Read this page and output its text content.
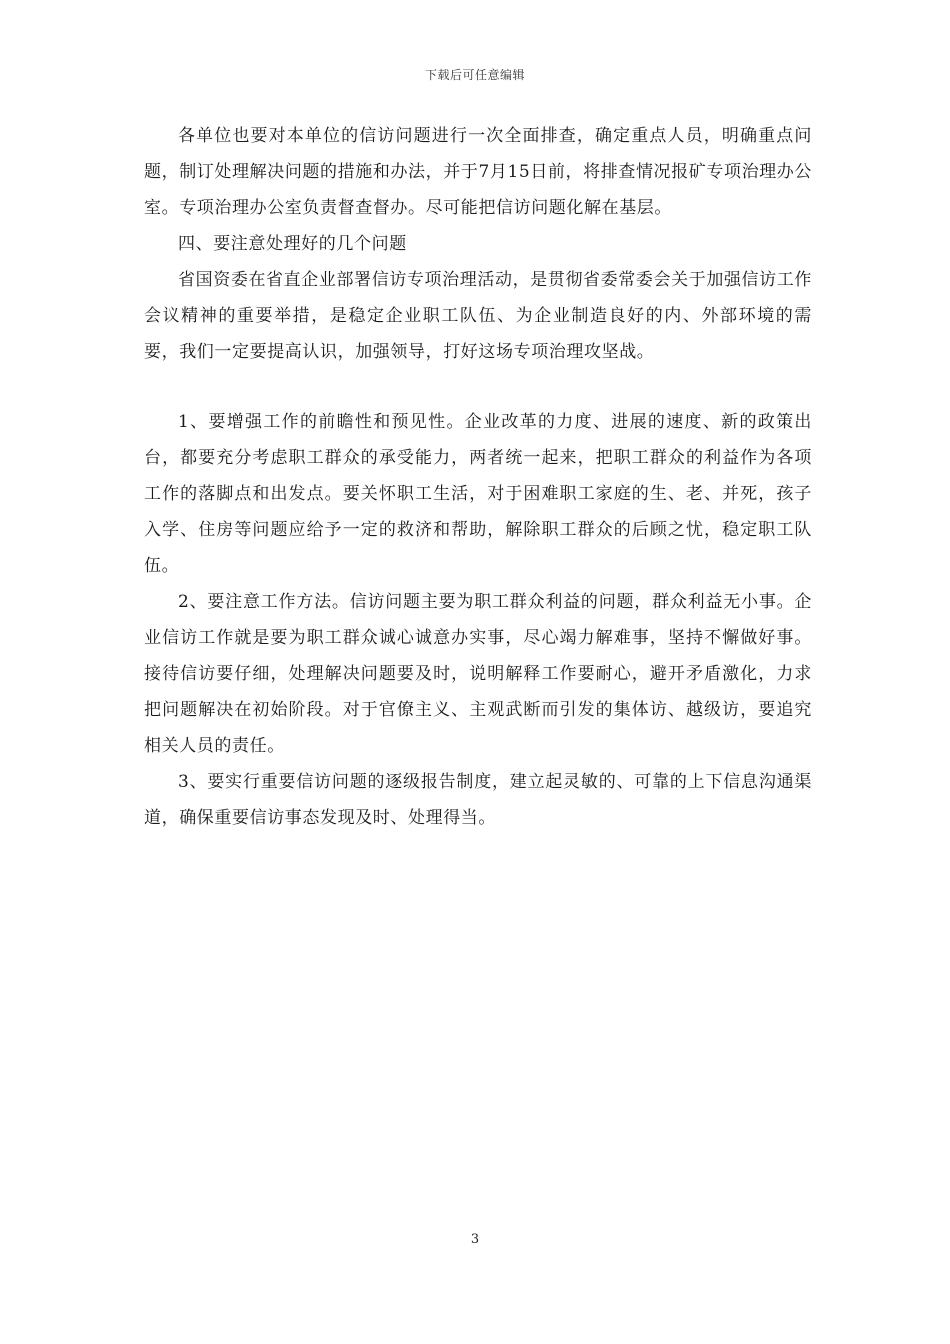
下载后可任意编辑

各单位也要对本单位的信访问题进行一次全面排查，确定重点人员，明确重点问题，制订处理解决问题的措施和办法，并于7月15日前，将排查情况报矿专项治理办公室。专项治理办公室负责督查督办。尽可能把信访问题化解在基层。

四、要注意处理好的几个问题

省国资委在省直企业部署信访专项治理活动，是贯彻省委常委会关于加强信访工作会议精神的重要举措，是稳定企业职工队伍、为企业制造良好的内、外部环境的需要，我们一定要提高认识，加强领导，打好这场专项治理攻坚战。

1、要增强工作的前瞻性和预见性。企业改革的力度、进展的速度、新的政策出台，都要充分考虑职工群众的承受能力，两者统一起来，把职工群众的利益作为各项工作的落脚点和出发点。要关怀职工生活，对于困难职工家庭的生、老、并死，孩子入学、住房等问题应给予一定的救济和帮助，解除职工群众的后顾之忧，稳定职工队伍。

2、要注意工作方法。信访问题主要为职工群众利益的问题，群众利益无小事。企业信访工作就是要为职工群众诚心诚意办实事，尽心竭力解难事，坚持不懈做好事。接待信访要仔细，处理解决问题要及时，说明解释工作要耐心，避开矛盾激化，力求把问题解决在初始阶段。对于官僚主义、主观武断而引发的集体访、越级访，要追究相关人员的责任。

3、要实行重要信访问题的逐级报告制度，建立起灵敏的、可靠的上下信息沟通渠道，确保重要信访事态发现及时、处理得当。

3
